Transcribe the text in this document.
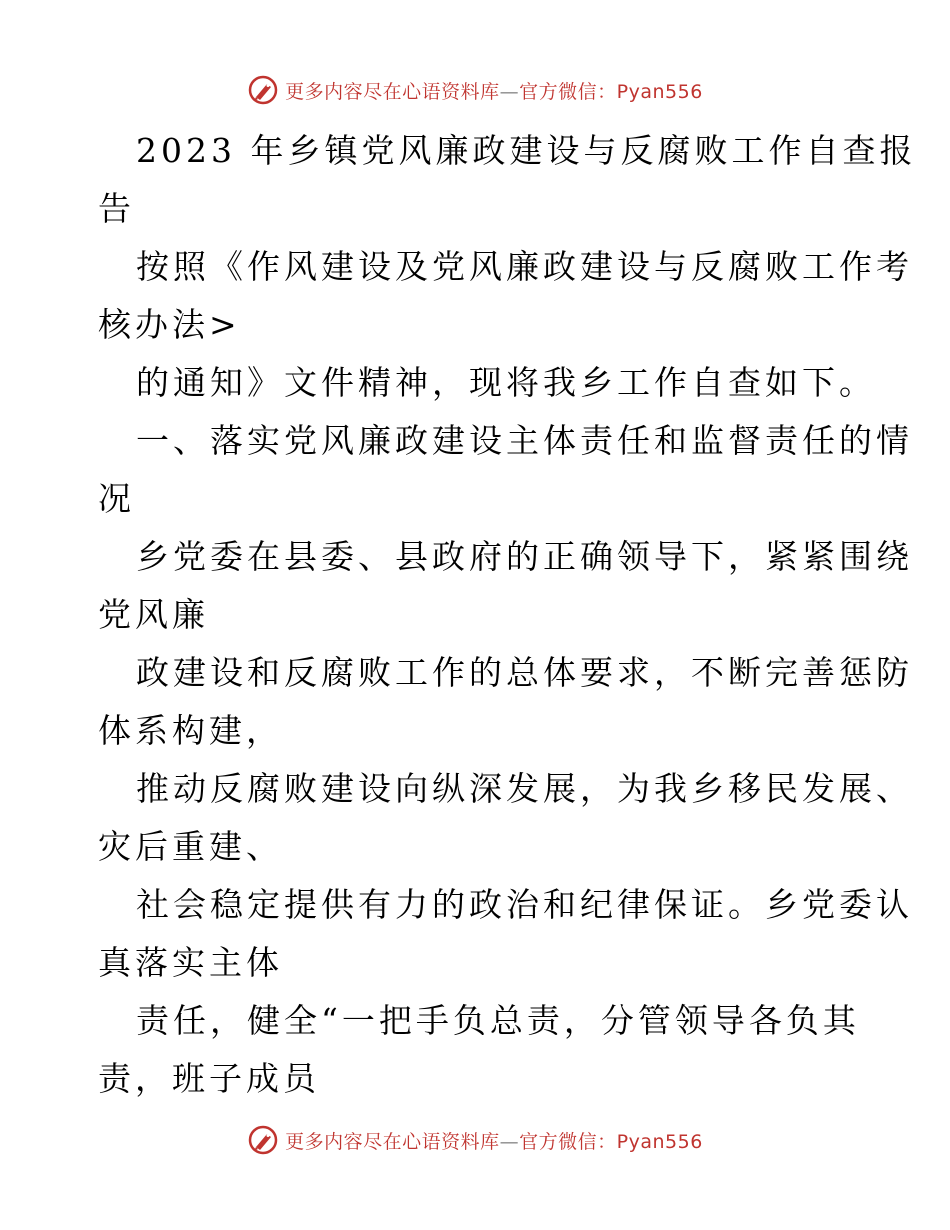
更多内容尽在心语资料库—官方微信：Pyan556

2023 年乡镇党风廉政建设与反腐败工作自查报

告

按照《作风建设及党风廉政建设与反腐败工作考

核办法>

的通知》文件精神，现将我乡工作自查如下。

一、落实党风廉政建设主体责任和监督责任的情

况

乡党委在县委、县政府的正确领导下，紧紧围绕

党风廉

政建设和反腐败工作的总体要求，不断完善惩防

体系构建，

推动反腐败建设向纵深发展，为我乡移民发展、

灾后重建、

社会稳定提供有力的政治和纪律保证。乡党委认

真落实主体

责任，健全“一把手负总责，分管领导各负其

责，班子成员

更多内容尽在心语资料库—官方微信：Pyan556
